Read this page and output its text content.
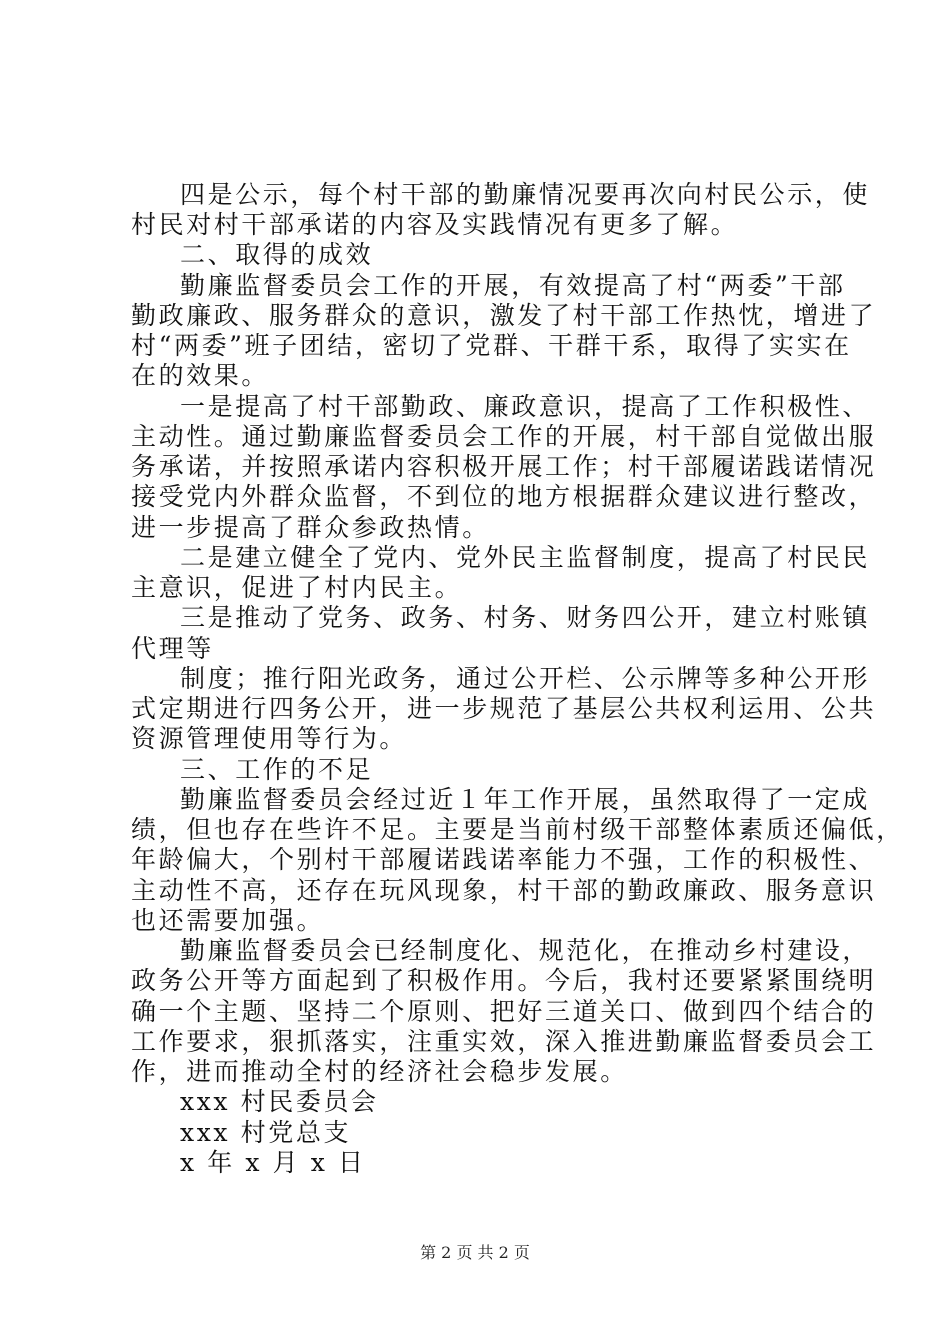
四是公示，每个村干部的勤廉情况要再次向村民公示，使
村民对村干部承诺的内容及实践情况有更多了解。
二、取得的成效
勤廉监督委员会工作的开展，有效提高了村“两委”干部
勤政廉政、服务群众的意识，激发了村干部工作热忱，增进了
村“两委”班子团结，密切了党群、干群干系，取得了实实在
在的效果。
一是提高了村干部勤政、廉政意识，提高了工作积极性、
主动性。通过勤廉监督委员会工作的开展，村干部自觉做出服
务承诺，并按照承诺内容积极开展工作；村干部履诺践诺情况
接受党内外群众监督，不到位的地方根据群众建议进行整改，
进一步提高了群众参政热情。
二是建立健全了党内、党外民主监督制度，提高了村民民
主意识，促进了村内民主。
三是推动了党务、政务、村务、财务四公开，建立村账镇
代理等
制度；推行阳光政务，通过公开栏、公示牌等多种公开形
式定期进行四务公开，进一步规范了基层公共权利运用、公共
资源管理使用等行为。
三、工作的不足
勤廉监督委员会经过近１年工作开展，虽然取得了一定成
绩，但也存在些许不足。主要是当前村级干部整体素质还偏低，
年龄偏大，个别村干部履诺践诺率能力不强，工作的积极性、
主动性不高，还存在玩风现象，村干部的勤政廉政、服务意识
也还需要加强。
勤廉监督委员会已经制度化、规范化，在推动乡村建设，
政务公开等方面起到了积极作用。今后，我村还要紧紧围绕明
确一个主题、坚持二个原则、把好三道关口、做到四个结合的
工作要求，狠抓落实，注重实效，深入推进勤廉监督委员会工
作，进而推动全村的经济社会稳步发展。
xxx 村民委员会
xxx 村党总支
x 年 x 月 x 日
第 2 页 共 2 页
